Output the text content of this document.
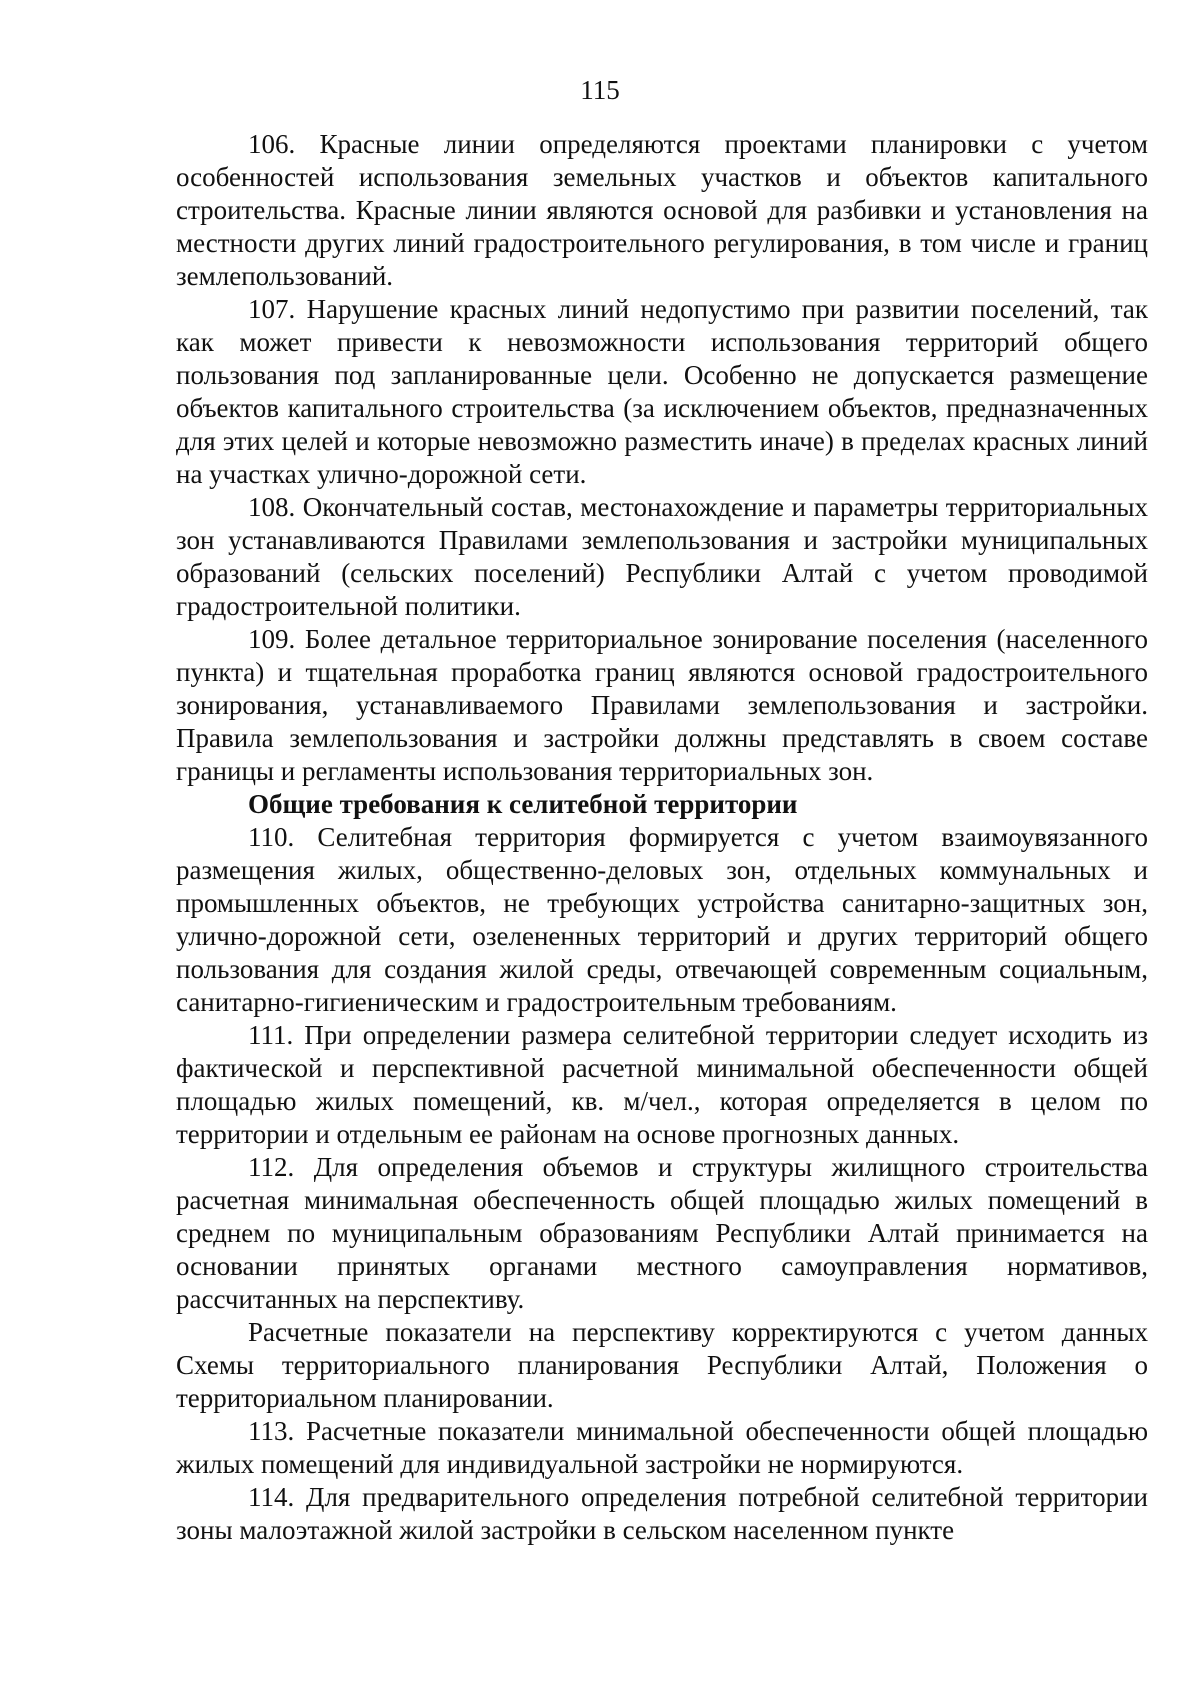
115

106. Красные линии определяются проектами планировки с учетом особенностей использования земельных участков и объектов капитального строительства. Красные линии являются основой для разбивки и установления на местности других линий градостроительного регулирования, в том числе и границ землепользований.

107. Нарушение красных линий недопустимо при развитии поселений, так как может привести к невозможности использования территорий общего пользования под запланированные цели. Особенно не допускается размещение объектов капитального строительства (за исключением объектов, предназначенных для этих целей и которые невозможно разместить иначе) в пределах красных линий на участках улично-дорожной сети.

108. Окончательный состав, местонахождение и параметры территориальных зон устанавливаются Правилами землепользования и застройки муниципальных образований (сельских поселений) Республики Алтай с учетом проводимой градостроительной политики.

109. Более детальное территориальное зонирование поселения (населенного пункта) и тщательная проработка границ являются основой градостроительного зонирования, устанавливаемого Правилами землепользования и застройки. Правила землепользования и застройки должны представлять в своем составе границы и регламенты использования территориальных зон.

Общие требования к селитебной территории

110. Селитебная территория формируется с учетом взаимоувязанного размещения жилых, общественно-деловых зон, отдельных коммунальных и промышленных объектов, не требующих устройства санитарно-защитных зон, улично-дорожной сети, озелененных территорий и других территорий общего пользования для создания жилой среды, отвечающей современным социальным, санитарно-гигиеническим и градостроительным требованиям.

111. При определении размера селитебной территории следует исходить из фактической и перспективной расчетной минимальной обеспеченности общей площадью жилых помещений, кв. м/чел., которая определяется в целом по территории и отдельным ее районам на основе прогнозных данных.

112. Для определения объемов и структуры жилищного строительства расчетная минимальная обеспеченность общей площадью жилых помещений в среднем по муниципальным образованиям Республики Алтай принимается на основании принятых органами местного самоуправления нормативов, рассчитанных на перспективу.

Расчетные показатели на перспективу корректируются с учетом данных Схемы территориального планирования Республики Алтай, Положения о территориальном планировании.

113. Расчетные показатели минимальной обеспеченности общей площадью жилых помещений для индивидуальной застройки не нормируются.

114. Для предварительного определения потребной селитебной территории зоны малоэтажной жилой застройки в сельском населенном пункте
